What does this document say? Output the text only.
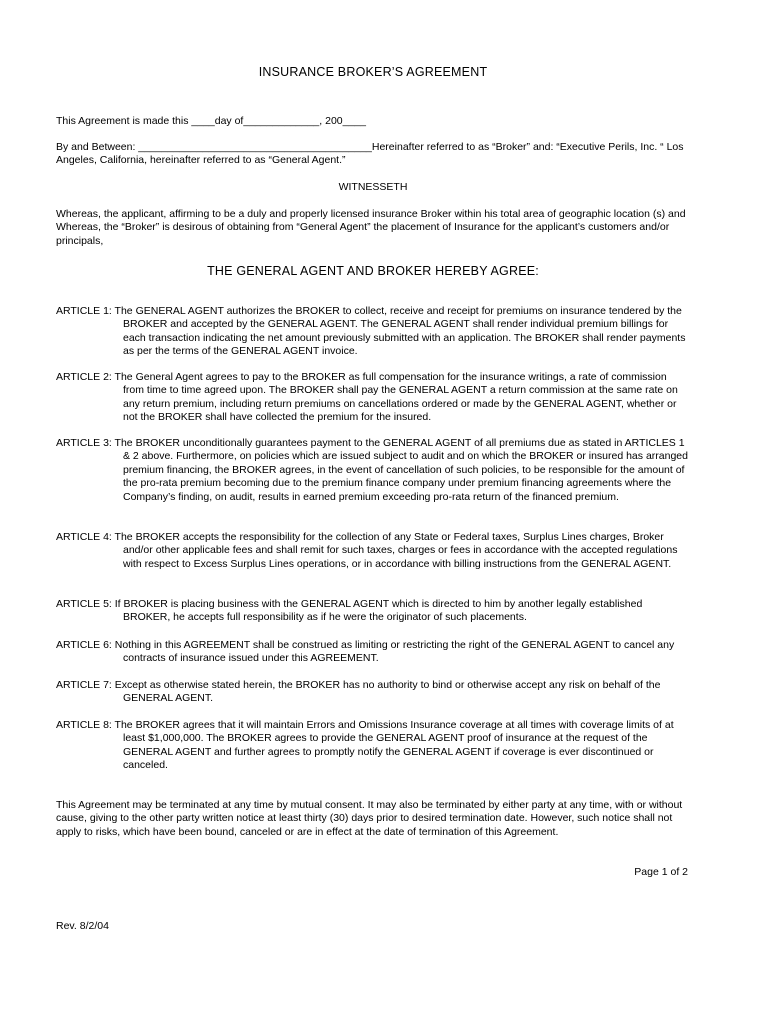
INSURANCE BROKER’S AGREEMENT
This Agreement is made this ____day of_____________, 200____
By and Between: ________________________________________Hereinafter referred to as “Broker” and: “Executive Perils, Inc. “ Los Angeles, California, hereinafter referred to as “General Agent.”
WITNESSETH
Whereas, the applicant, affirming to be a duly and properly licensed insurance Broker within his total area of geographic location (s) and Whereas, the “Broker” is desirous of obtaining from “General Agent” the placement of Insurance for the applicant’s customers and/or principals,
THE GENERAL AGENT AND BROKER HEREBY AGREE:
ARTICLE 1: The GENERAL AGENT authorizes the BROKER to collect, receive and receipt for premiums on insurance tendered by the BROKER and accepted by the GENERAL AGENT. The GENERAL AGENT shall render individual premium billings for each transaction indicating the net amount previously submitted with an application. The BROKER shall render payments as per the terms of the GENERAL AGENT invoice.
ARTICLE 2: The General Agent agrees to pay to the BROKER as full compensation for the insurance writings, a rate of commission from time to time agreed upon. The BROKER shall pay the GENERAL AGENT a return commission at the same rate on any return premium, including return premiums on cancellations ordered or made by the GENERAL AGENT, whether or not the BROKER shall have collected the premium for the insured.
ARTICLE 3: The BROKER unconditionally guarantees payment to the GENERAL AGENT of all premiums due as stated in ARTICLES 1 & 2 above. Furthermore, on policies which are issued subject to audit and on which the BROKER or insured has arranged premium financing, the BROKER agrees, in the event of cancellation of such policies, to be responsible for the amount of the pro-rata premium becoming due to the premium finance company under premium financing agreements where the Company’s finding, on audit, results in earned premium exceeding pro-rata return of the financed premium.
ARTICLE 4: The BROKER accepts the responsibility for the collection of any State or Federal taxes, Surplus Lines charges, Broker and/or other applicable fees and shall remit for such taxes, charges or fees in accordance with the accepted regulations with respect to Excess Surplus Lines operations, or in accordance with billing instructions from the GENERAL AGENT.
ARTICLE 5: If BROKER is placing business with the GENERAL AGENT which is directed to him by another legally established BROKER, he accepts full responsibility as if he were the originator of such placements.
ARTICLE 6: Nothing in this AGREEMENT shall be construed as limiting or restricting the right of the GENERAL AGENT to cancel any contracts of insurance issued under this AGREEMENT.
ARTICLE 7: Except as otherwise stated herein, the BROKER has no authority to bind or otherwise accept any risk on behalf of the GENERAL AGENT.
ARTICLE 8: The BROKER agrees that it will maintain Errors and Omissions Insurance coverage at all times with coverage limits of at least $1,000,000. The BROKER agrees to provide the GENERAL AGENT proof of insurance at the request of the GENERAL AGENT and further agrees to promptly notify the GENERAL AGENT if coverage is ever discontinued or canceled.
This Agreement may be terminated at any time by mutual consent. It may also be terminated by either party at any time, with or without cause, giving to the other party written notice at least thirty (30) days prior to desired termination date. However, such notice shall not apply to risks, which have been bound, canceled or are in effect at the date of termination of this Agreement.
Page 1 of 2
Rev. 8/2/04
